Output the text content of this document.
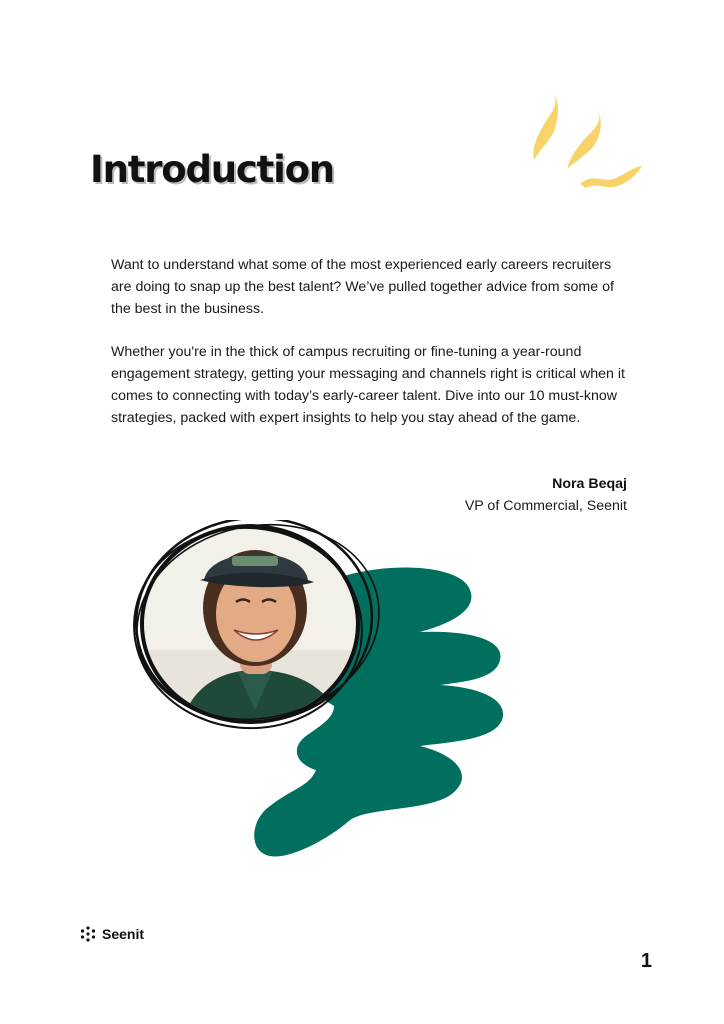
Introduction

Want to understand what some of the most experienced early careers recruiters are doing to snap up the best talent? We’ve pulled together advice from some of the best in the business.

Whether you're in the thick of campus recruiting or fine-tuning a year-round engagement strategy, getting your messaging and channels right is critical when it comes to connecting with today’s early-career talent. Dive into our 10 must-know strategies, packed with expert insights to help you stay ahead of the game.

Nora Beqaj
VP of Commercial, Seenit
Seenit
1
